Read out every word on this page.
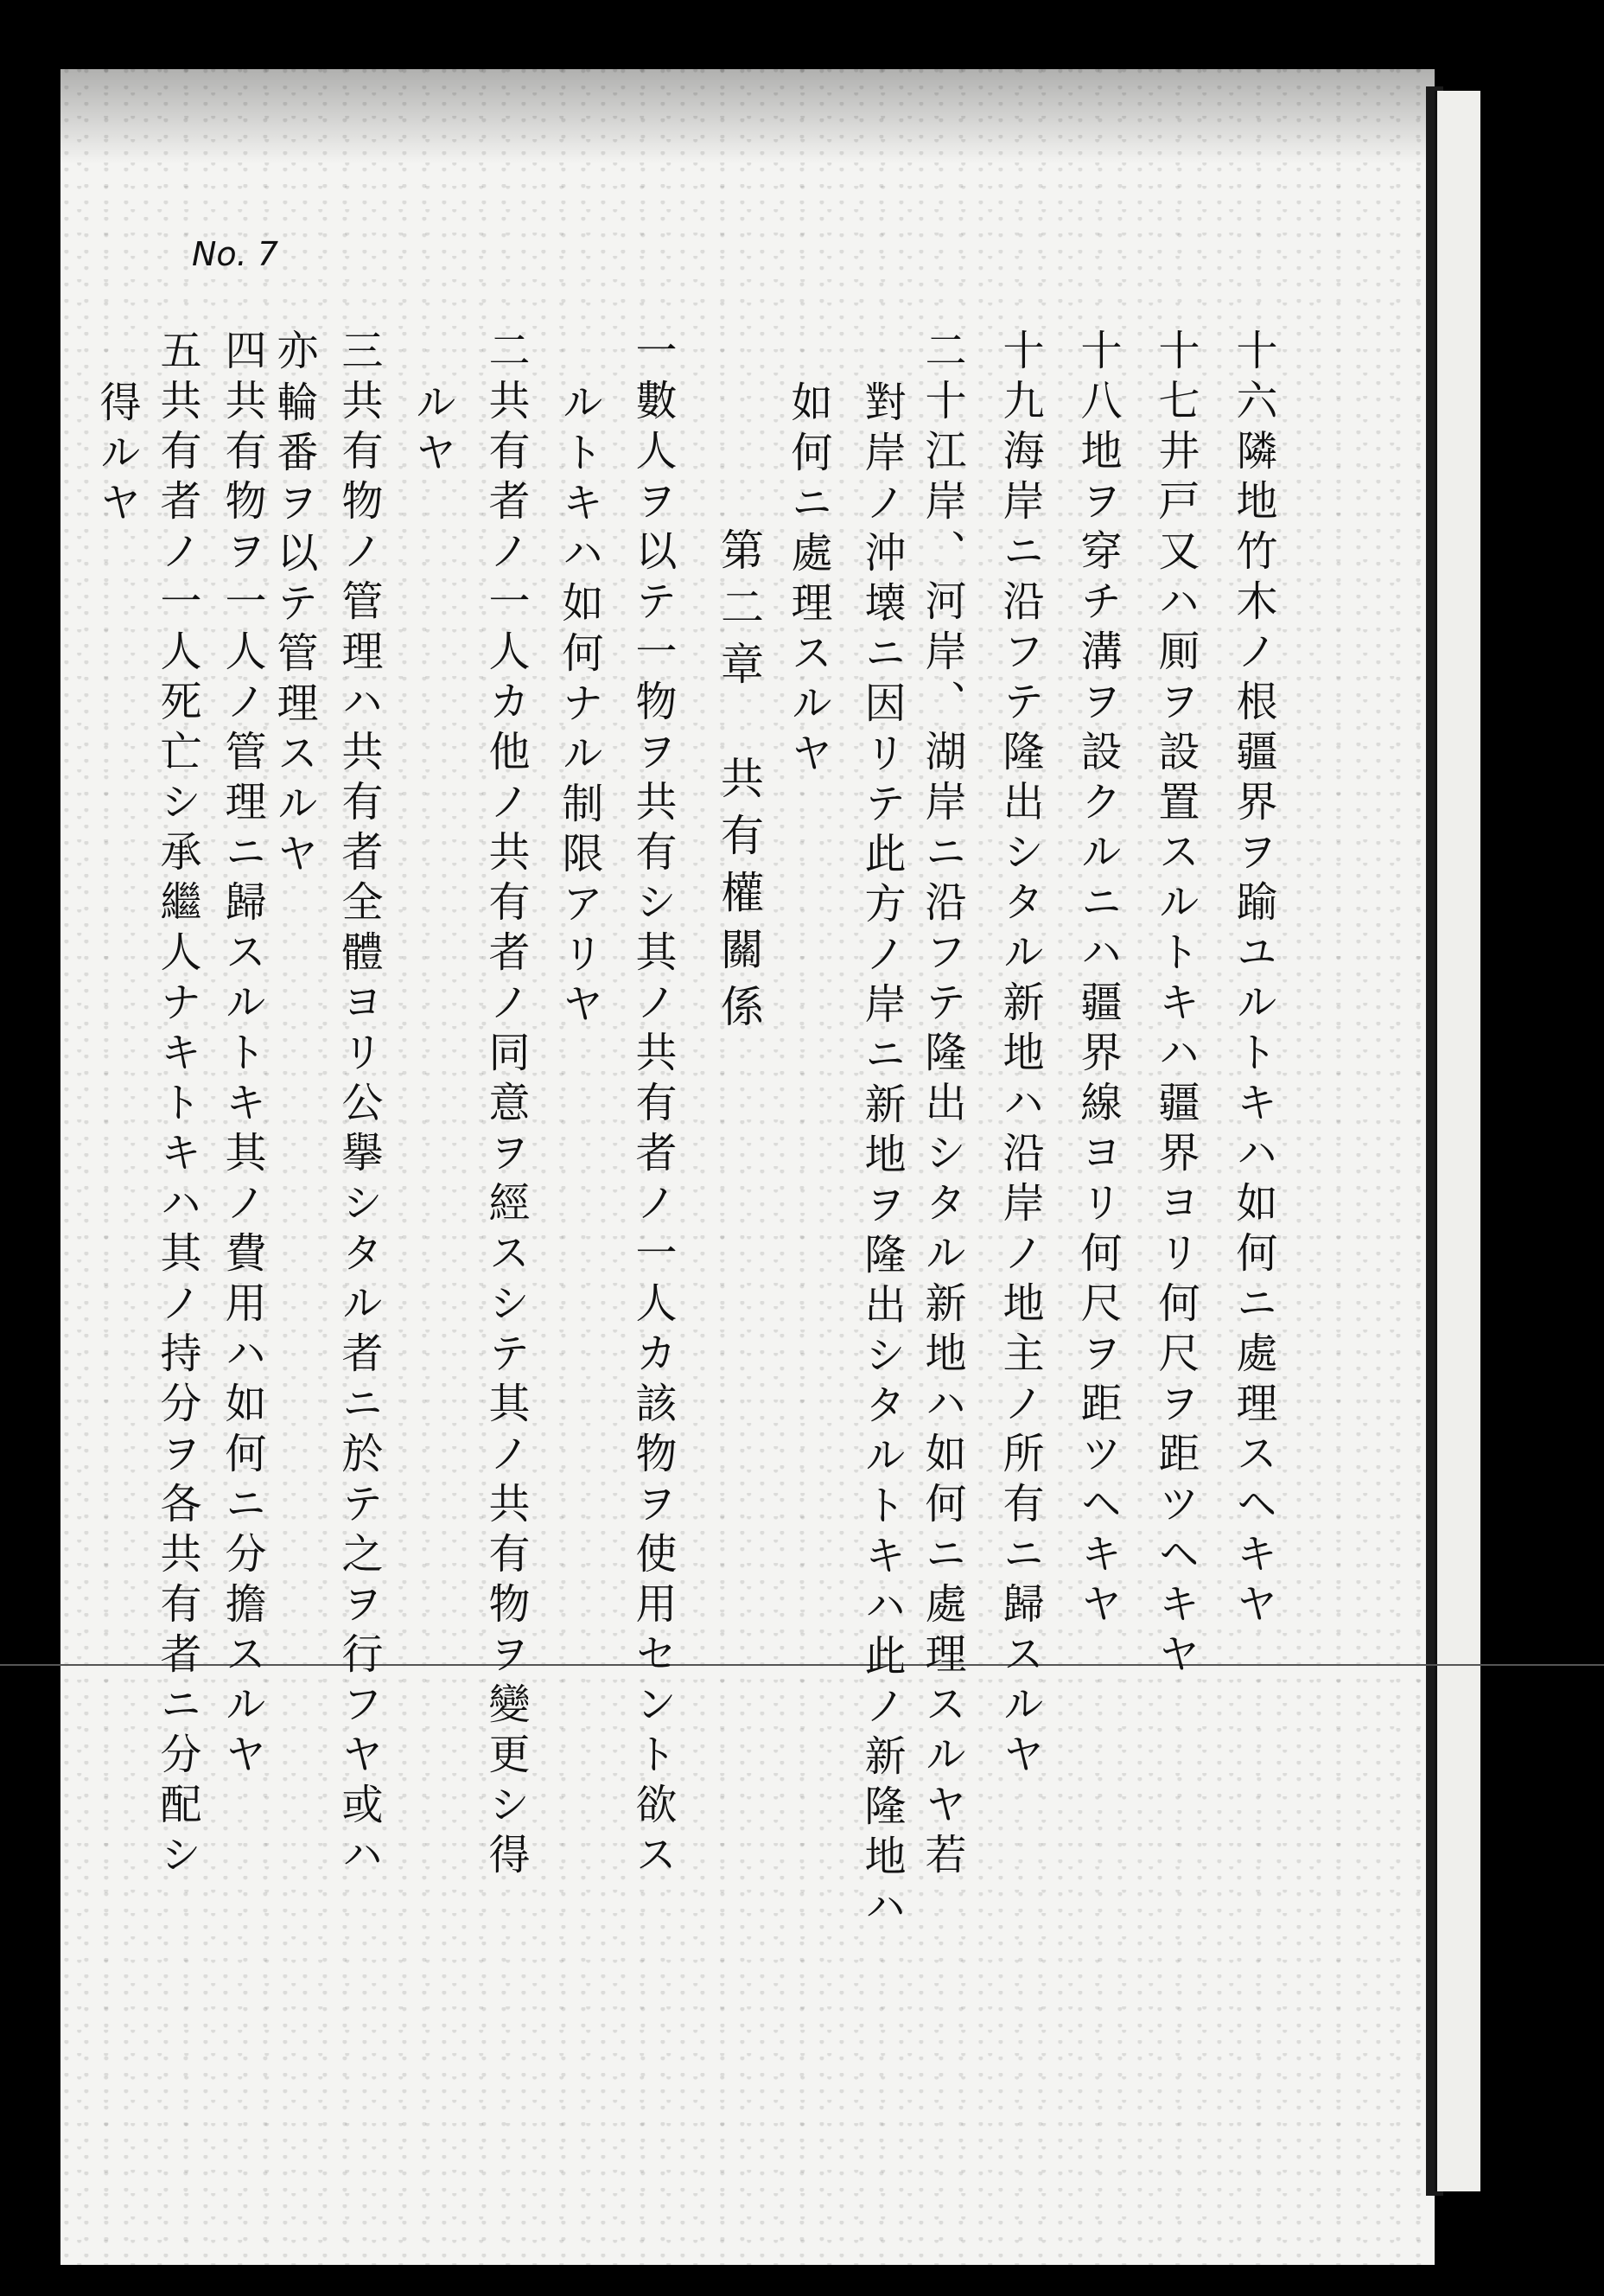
No. 7
十六隣地竹木ノ根疆界ヲ踰ユルトキハ如何ニ處理スヘキヤ
十七井戸又ハ厠ヲ設置スルトキハ疆界ヨリ何尺ヲ距ツヘキヤ
十八地ヲ穿チ溝ヲ設クルニハ疆界線ヨリ何尺ヲ距ツヘキヤ
十九海岸ニ沿フテ隆出シタル新地ハ沿岸ノ地主ノ所有ニ歸スルヤ
二十江岸、河岸、湖岸ニ沿フテ隆出シタル新地ハ如何ニ處理スルヤ若
對岸ノ沖壊ニ因リテ此方ノ岸ニ新地ヲ隆出シタルトキハ此ノ新隆地ハ
如何ニ處理スルヤ
第二章　共有權關係
一數人ヲ以テ一物ヲ共有シ其ノ共有者ノ一人カ該物ヲ使用セント欲ス
ルトキハ如何ナル制限アリヤ
二共有者ノ一人カ他ノ共有者ノ同意ヲ經スシテ其ノ共有物ヲ變更シ得
ルヤ
三共有物ノ管理ハ共有者全體ヨリ公擧シタル者ニ於テ之ヲ行フヤ或ハ
輪番ヲ以テ管理スルヤ
亦
四共有物ヲ一人ノ管理ニ歸スルトキ其ノ費用ハ如何ニ分擔スルヤ
五共有者ノ一人死亡シ承繼人ナキトキハ其ノ持分ヲ各共有者ニ分配シ
得ルヤ
